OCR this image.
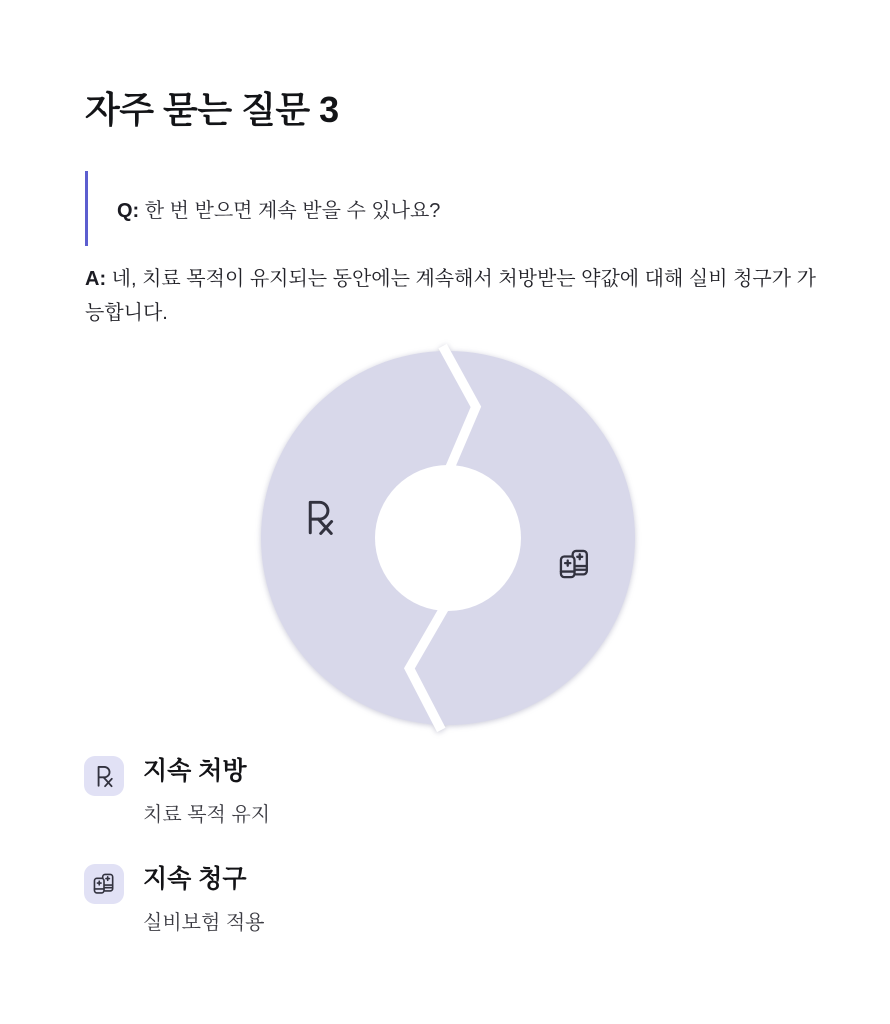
자주 묻는 질문 3

Q: 한 번 받으면 계속 받을 수 있나요?

A: 네, 치료 목적이 유지되는 동안에는 계속해서 처방받는 약값에 대해 실비 청구가 가능합니다.

지속 처방
치료 목적 유지
지속 청구
실비보험 적용
